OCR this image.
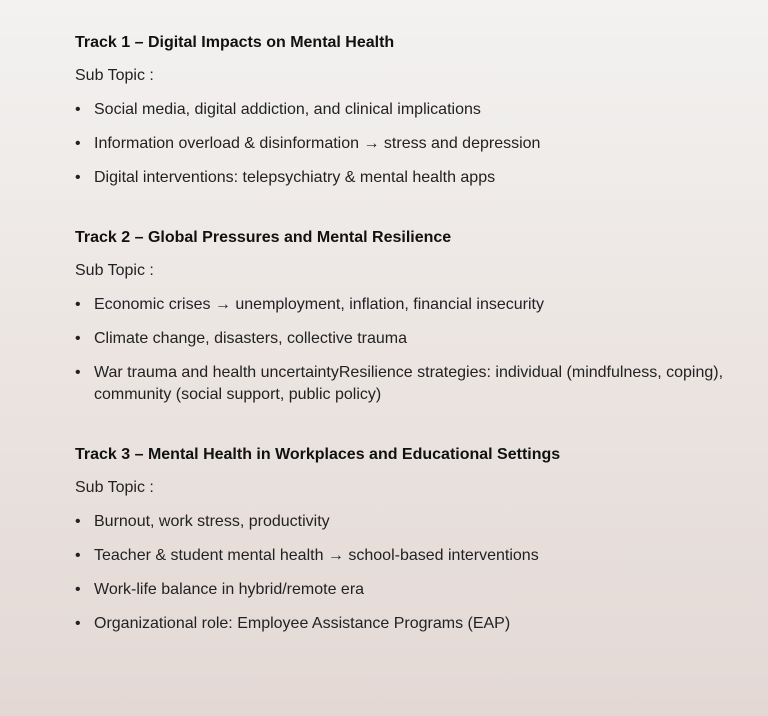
Track 1 – Digital Impacts on Mental Health

Sub Topic :

• Social media, digital addiction, and clinical implications
• Information overload & disinformation → stress and depression
• Digital interventions: telepsychiatry & mental health apps

Track 2 – Global Pressures and Mental Resilience

Sub Topic :

• Economic crises → unemployment, inflation, financial insecurity
• Climate change, disasters, collective trauma
• War trauma and health uncertaintyResilience strategies: individual (mindfulness, coping), community (social support, public policy)

Track 3 – Mental Health in Workplaces and Educational Settings

Sub Topic :

• Burnout, work stress, productivity
• Teacher & student mental health → school-based interventions
• Work-life balance in hybrid/remote era
• Organizational role: Employee Assistance Programs (EAP)
